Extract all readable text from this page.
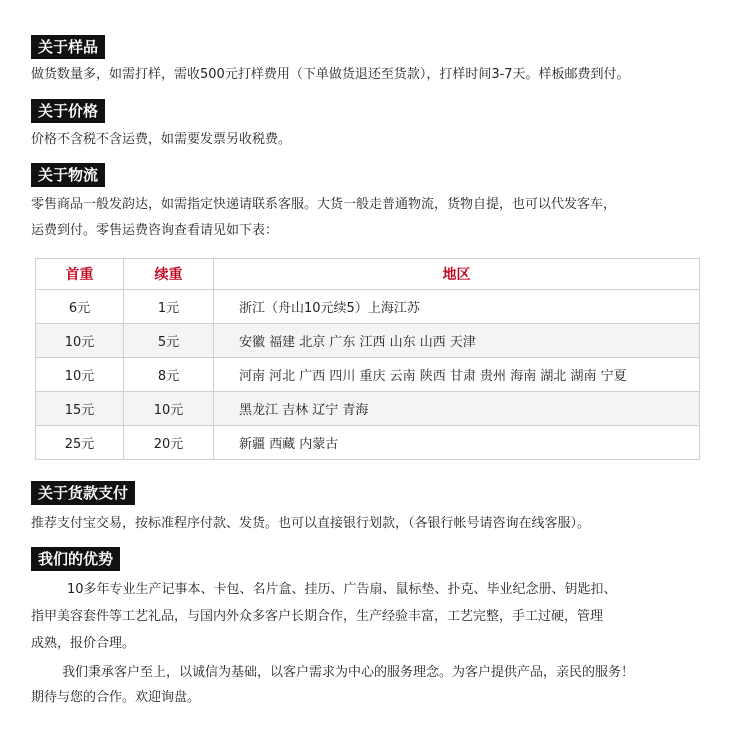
关于样品
做货数量多，如需打样，需收500元打样费用（下单做货退还至货款），打样时间3-7天。样板邮费到付。
关于价格
价格不含税不含运费，如需要发票另收税费。
关于物流
零售商品一般发韵达，如需指定快递请联系客服。大货一般走普通物流，货物自提，也可以代发客车，
运费到付。零售运费咨询查看请见如下表：
首重	续重	地区
6元	1元	浙江（舟山10元续5）上海江苏
10元	5元	安徽 福建 北京 广东 江西 山东 山西 天津
10元	8元	河南 河北 广西 四川 重庆 云南 陕西 甘肃 贵州 海南 湖北 湖南 宁夏
15元	10元	黑龙江 吉林 辽宁 青海
25元	20元	新疆 西藏 内蒙古
关于货款支付
推荐支付宝交易，按标准程序付款、发货。也可以直接银行划款，（各银行帐号请咨询在线客服）。
我们的优势
10多年专业生产记事本、卡包、名片盒、挂历、广告扇、鼠标垫、扑克、毕业纪念册、钥匙扣、
指甲美容套件等工艺礼品，与国内外众多客户长期合作，生产经验丰富，工艺完整，手工过硬，管理
成熟，报价合理。
我们秉承客户至上，以诚信为基础，以客户需求为中心的服务理念。为客户提供产品，亲民的服务！
期待与您的合作。欢迎询盘。
